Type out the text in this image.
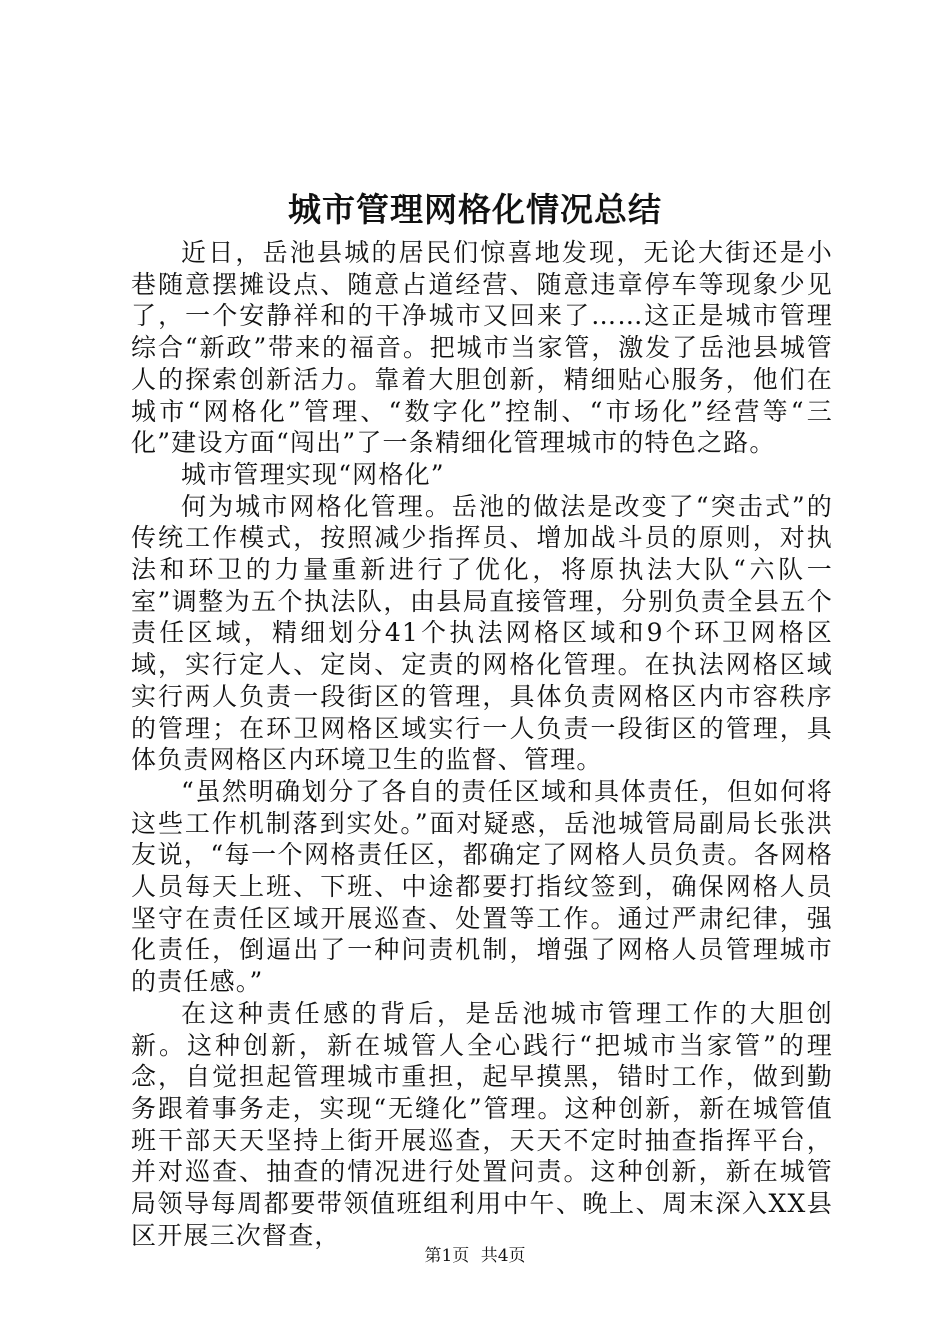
城市管理网格化情况总结

近日，岳池县城的居民们惊喜地发现，无论大街还是小巷随意摆摊设点、随意占道经营、随意违章停车等现象少见了，一个安静祥和的干净城市又回来了……这正是城市管理综合“新政”带来的福音。把城市当家管，激发了岳池县城管人的探索创新活力。靠着大胆创新，精细贴心服务，他们在城市“网格化”管理、“数字化”控制、“市场化”经营等“三化”建设方面“闯出”了一条精细化管理城市的特色之路。

城市管理实现“网格化”

何为城市网格化管理。岳池的做法是改变了“突击式”的传统工作模式，按照减少指挥员、增加战斗员的原则，对执法和环卫的力量重新进行了优化，将原执法大队“六队一室”调整为五个执法队，由县局直接管理，分别负责全县五个责任区域，精细划分41个执法网格区域和9个环卫网格区域，实行定人、定岗、定责的网格化管理。在执法网格区域实行两人负责一段街区的管理，具体负责网格区内市容秩序的管理；在环卫网格区域实行一人负责一段街区的管理，具体负责网格区内环境卫生的监督、管理。

“虽然明确划分了各自的责任区域和具体责任，但如何将这些工作机制落到实处。”面对疑惑，岳池城管局副局长张洪友说，“每一个网格责任区，都确定了网格人员负责。各网格人员每天上班、下班、中途都要打指纹签到，确保网格人员坚守在责任区域开展巡查、处置等工作。通过严肃纪律，强化责任，倒逼出了一种问责机制，增强了网格人员管理城市的责任感。”

在这种责任感的背后，是岳池城市管理工作的大胆创新。这种创新，新在城管人全心践行“把城市当家管”的理念，自觉担起管理城市重担，起早摸黑，错时工作，做到勤务跟着事务走，实现“无缝化”管理。这种创新，新在城管值班干部天天坚持上街开展巡查，天天不定时抽查指挥平台，并对巡查、抽查的情况进行处置问责。这种创新，新在城管局领导每周都要带领值班组利用中午、晚上、周末深入XX县区开展三次督查，

第1页 共4页
